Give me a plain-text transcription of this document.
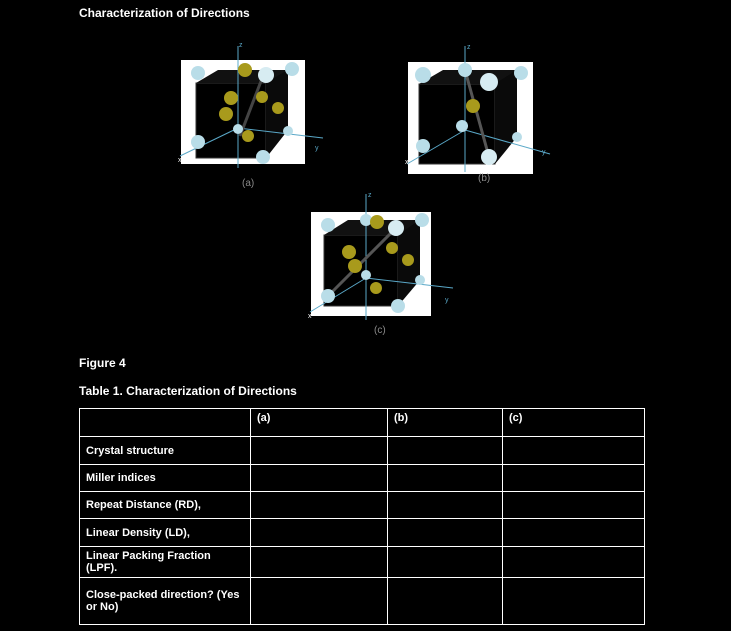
Characterization of Directions
z
y
x
(a)
z
y
x
(b)
z
y
x
(c)
Figure 4
Table 1. Characterization of Directions
	(a)	(b)	(c)
Crystal structure			
Miller indices			
Repeat Distance (RD),			
Linear Density (LD),			
Linear Packing Fraction (LPF).			
Close-packed direction? (Yes or No)			
